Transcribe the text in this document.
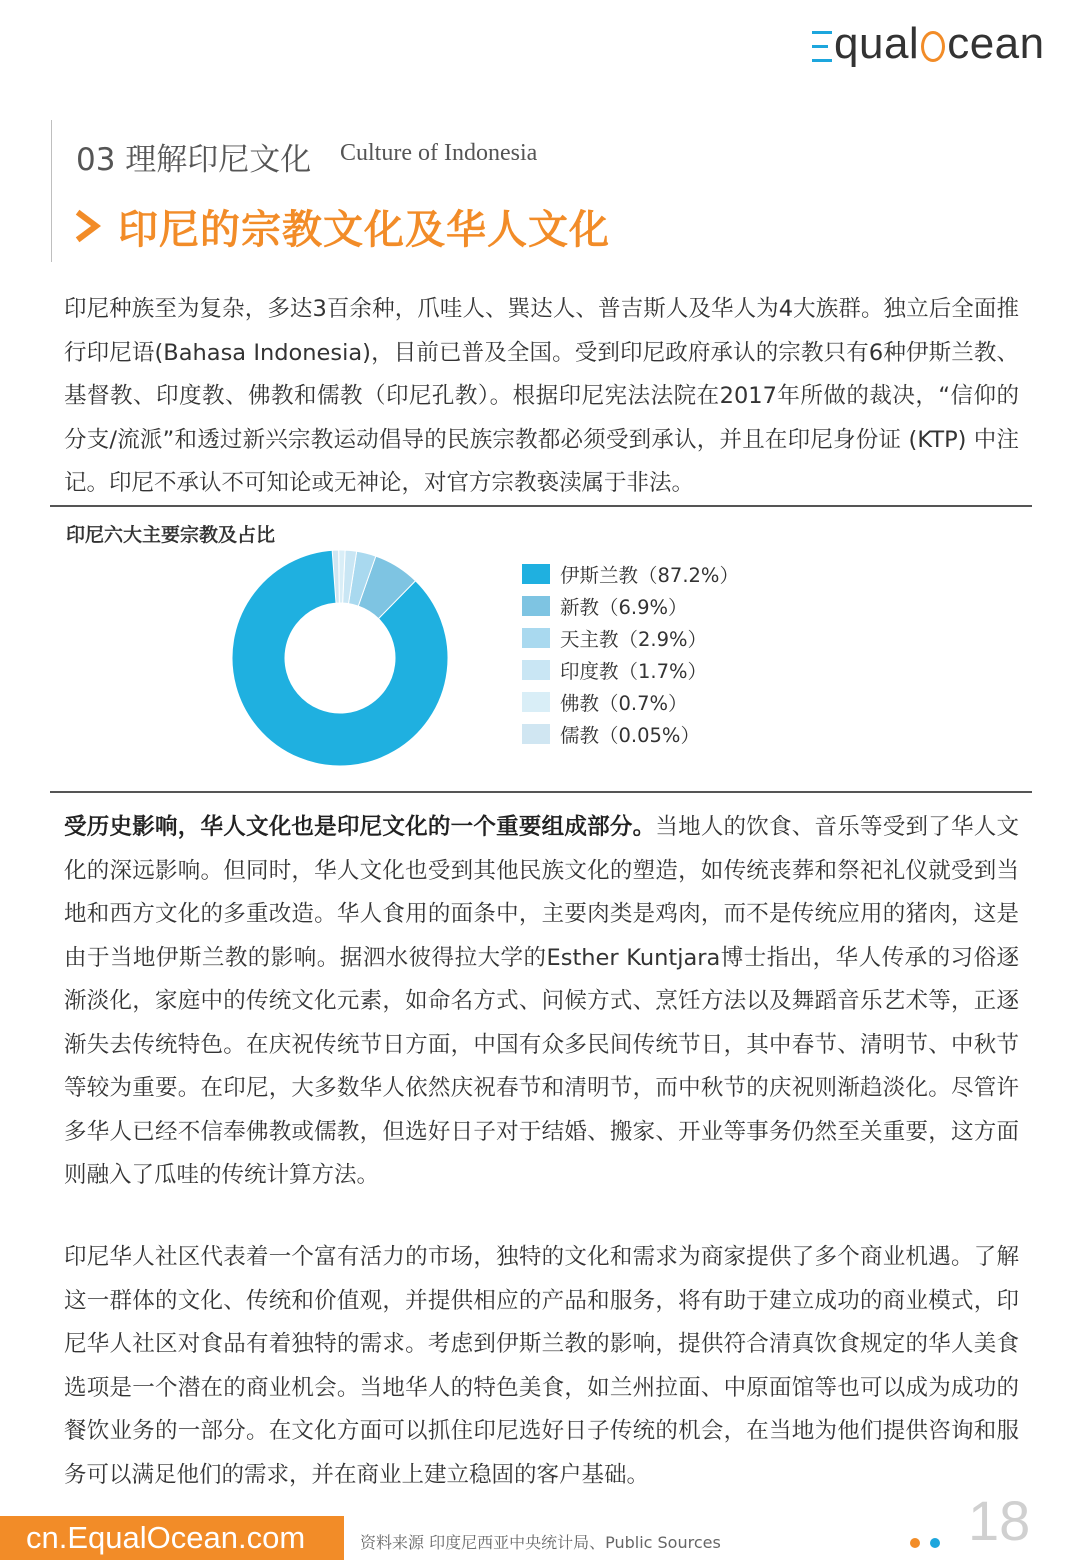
qual cean
03 理解印尼文化 Culture of Indonesia
印尼的宗教文化及华人文化

印尼种族至为复杂，多达3百余种，爪哇人、巽达人、普吉斯人及华人为4大族群。独立后全面推行印尼语(Bahasa Indonesia)，目前已普及全国。受到印尼政府承认的宗教只有6种伊斯兰教、基督教、印度教、佛教和儒教（印尼孔教）。根据印尼宪法法院在2017年所做的裁决，“信仰的分支/流派”和透过新兴宗教运动倡导的民族宗教都必须受到承认，并且在印尼身份证 (KTP) 中注记。印尼不承认不可知论或无神论，对官方宗教亵渎属于非法。

印尼六大主要宗教及占比
伊斯兰教（87.2%）
新教（6.9%）
天主教（2.9%）
印度教（1.7%）
佛教（0.7%）
儒教（0.05%）

受历史影响，华人文化也是印尼文化的一个重要组成部分。当地人的饮食、音乐等受到了华人文化的深远影响。但同时，华人文化也受到其他民族文化的塑造，如传统丧葬和祭祀礼仪就受到当地和西方文化的多重改造。华人食用的面条中，主要肉类是鸡肉，而不是传统应用的猪肉，这是由于当地伊斯兰教的影响。据泗水彼得拉大学的Esther Kuntjara博士指出，华人传承的习俗逐渐淡化，家庭中的传统文化元素，如命名方式、问候方式、烹饪方法以及舞蹈音乐艺术等，正逐渐失去传统特色。在庆祝传统节日方面，中国有众多民间传统节日，其中春节、清明节、中秋节等较为重要。在印尼，大多数华人依然庆祝春节和清明节，而中秋节的庆祝则渐趋淡化。尽管许多华人已经不信奉佛教或儒教，但选好日子对于结婚、搬家、开业等事务仍然至关重要，这方面则融入了瓜哇的传统计算方法。

印尼华人社区代表着一个富有活力的市场，独特的文化和需求为商家提供了多个商业机遇。了解这一群体的文化、传统和价值观，并提供相应的产品和服务，将有助于建立成功的商业模式，印尼华人社区对食品有着独特的需求。考虑到伊斯兰教的影响，提供符合清真饮食规定的华人美食选项是一个潜在的商业机会。当地华人的特色美食，如兰州拉面、中原面馆等也可以成为成功的餐饮业务的一部分。在文化方面可以抓住印尼选好日子传统的机会，在当地为他们提供咨询和服务可以满足他们的需求，并在商业上建立稳固的客户基础。

cn.EqualOcean.com	资料来源 印度尼西亚中央统计局、Public Sources	18
